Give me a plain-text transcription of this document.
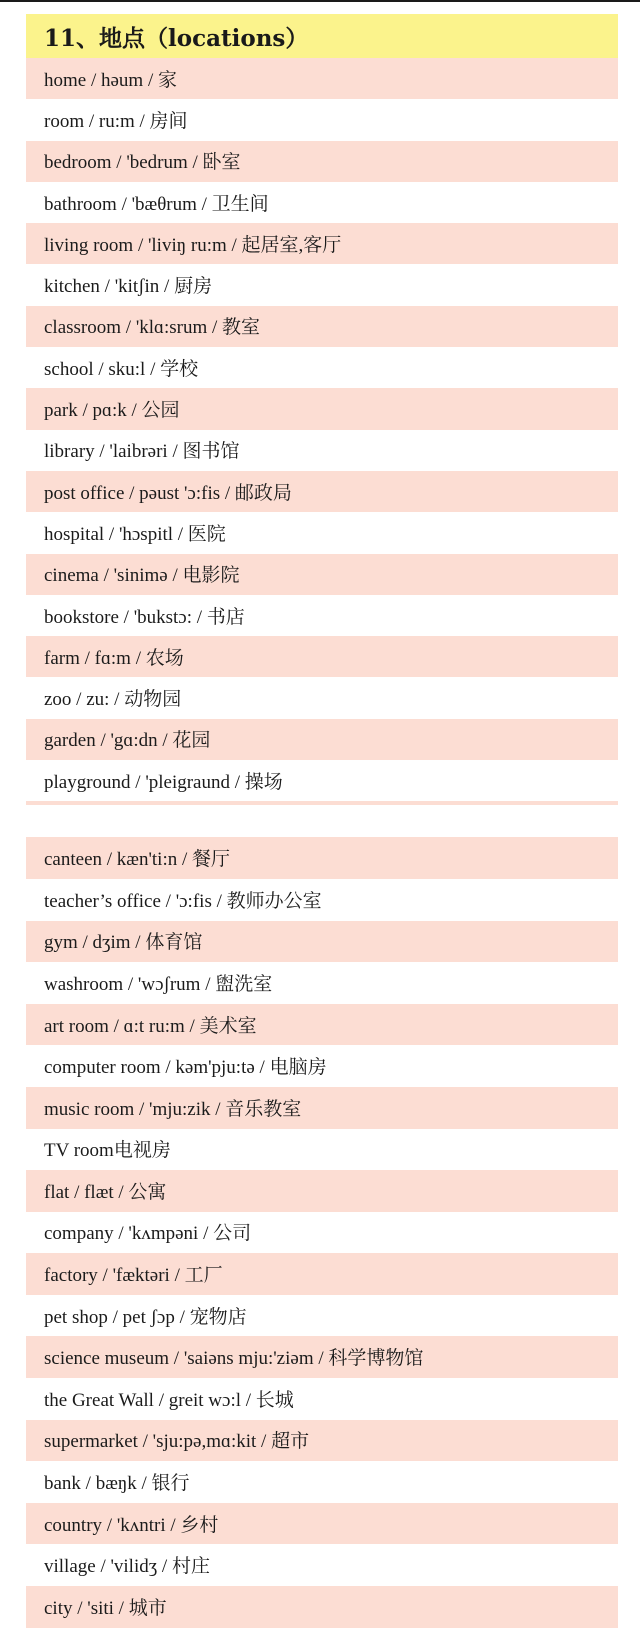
11、地点（locations）
home / həum / 家
room / ru:m / 房间
bedroom / 'bedrum / 卧室
bathroom / 'bæθrum / 卫生间
living room / 'liviŋ ru:m / 起居室,客厅
kitchen / 'kitʃin / 厨房
classroom / 'klɑ:srum / 教室
school / sku:l / 学校
park / pɑ:k / 公园
library / 'laibrəri / 图书馆
post office / pəust 'ɔ:fis / 邮政局
hospital / 'hɔspitl / 医院
cinema / 'sinimə / 电影院
bookstore / 'bukstɔ: / 书店
farm / fɑ:m / 农场
zoo / zu: / 动物园
garden / 'gɑ:dn / 花园
playground / 'pleigraund / 操场
canteen / kæn'ti:n / 餐厅
teacher’s office / 'ɔ:fis / 教师办公室
gym / dʒim / 体育馆
washroom / 'wɔʃrum / 盥洗室
art room / ɑ:t ru:m / 美术室
computer room / kəm'pju:tə / 电脑房
music room / 'mju:zik / 音乐教室
TV room电视房
flat / flæt / 公寓
company / 'kʌmpəni / 公司
factory / 'fæktəri / 工厂
pet shop / pet ʃɔp / 宠物店
science museum / 'saiəns mju:'ziəm / 科学博物馆
the Great Wall / greit wɔ:l / 长城
supermarket / 'sju:pə,mɑ:kit / 超市
bank / bæŋk / 银行
country / 'kʌntri / 乡村
village / 'vilidʒ / 村庄
city / 'siti / 城市
